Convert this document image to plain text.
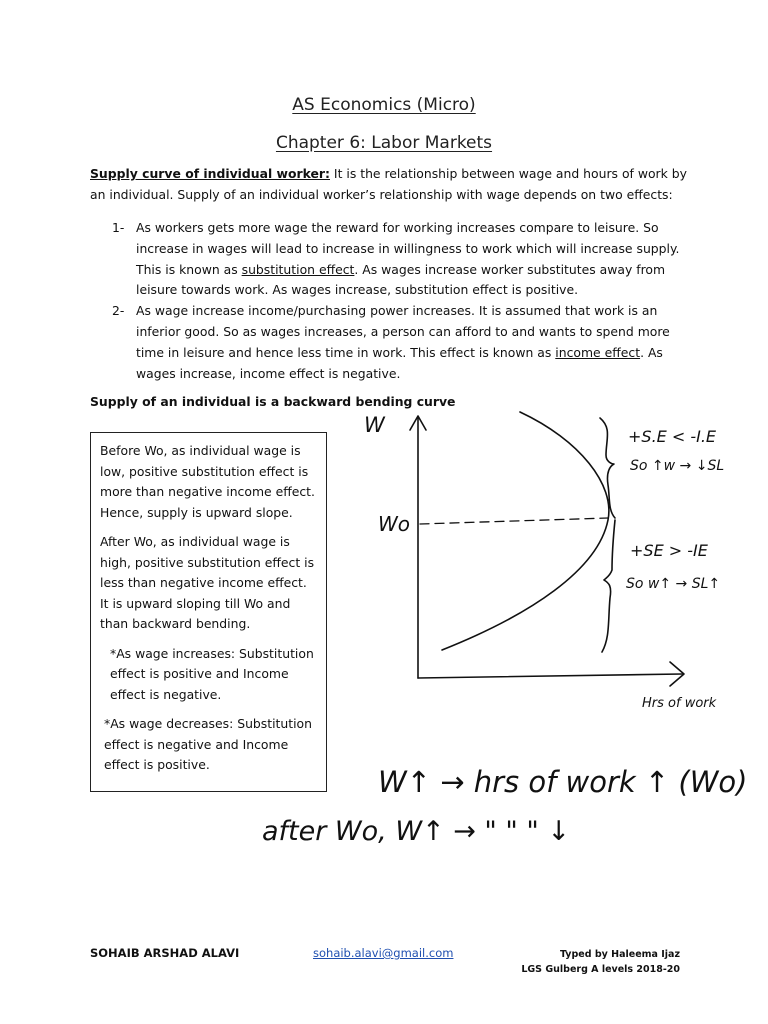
AS Economics (Micro)
Chapter 6: Labor Markets
Supply curve of individual worker: It is the relationship between wage and hours of work by an individual. Supply of an individual worker’s relationship with wage depends on two effects:
1- As workers gets more wage the reward for working increases compare to leisure. So increase in wages will lead to increase in willingness to work which will increase supply. This is known as substitution effect. As wages increase worker substitutes away from leisure towards work. As wages increase, substitution effect is positive.
2- As wage increase income/purchasing power increases. It is assumed that work is an inferior good. So as wages increases, a person can afford to and wants to spend more time in leisure and hence less time in work. This effect is known as income effect. As wages increase, income effect is negative.
Supply of an individual is a backward bending curve

Before Wo, as individual wage is low, positive substitution effect is more than negative income effect. Hence, supply is upward slope.

After Wo, as individual wage is high, positive substitution effect is less than negative income effect. It is upward sloping till Wo and than backward bending.

*As wage increases: Substitution effect is positive and Income effect is negative.

*As wage decreases: Substitution effect is negative and Income effect is positive.

W
Wo
Hrs of work
+S.E < -I.E
So ↑w → ↓SL
+SE > -IE
So w↑ → SL↑
W↑ → hrs of work ↑ (Wo)
after Wo, W↑ → " " " ↓
SOHAIB ARSHAD ALAVI	sohaib.alavi@gmail.com	Typed by Haleema Ijaz
LGS Gulberg A levels 2018-20
